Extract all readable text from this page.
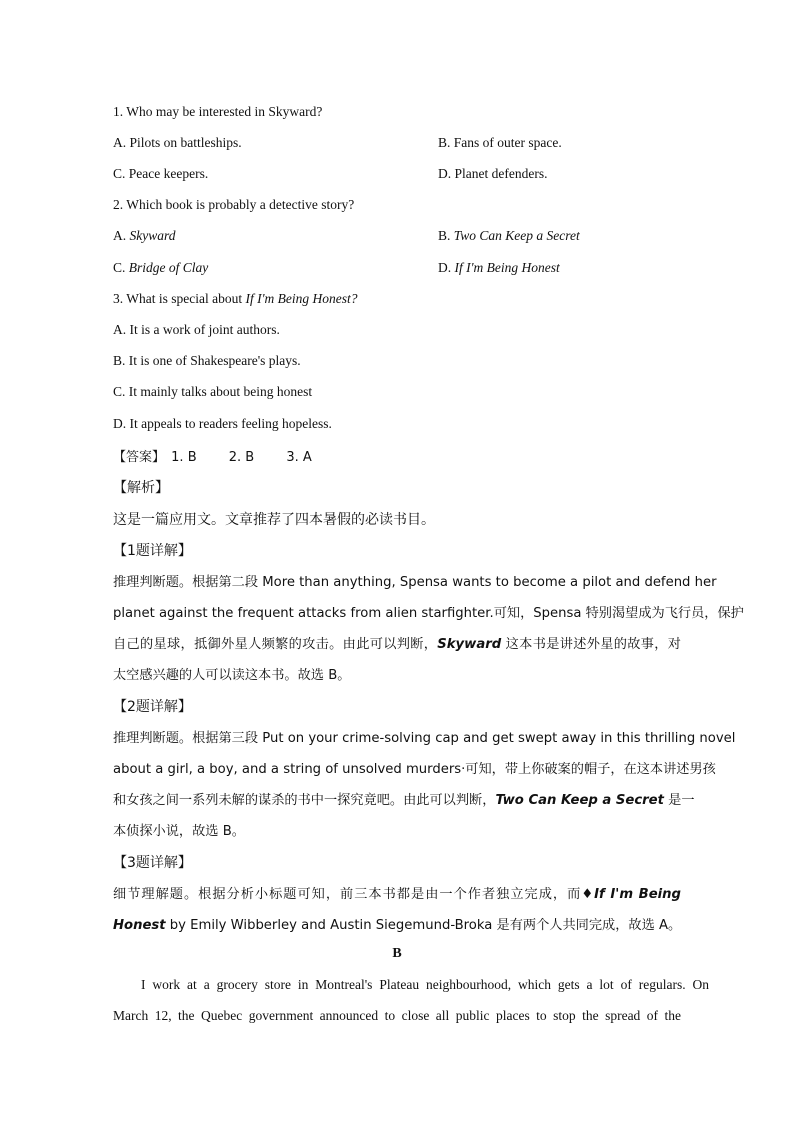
1. Who may be interested in Skyward?
A. Pilots on battleships.	B. Fans of outer space.
C. Peace keepers.	D. Planet defenders.
2. Which book is probably a detective story?
A. Skyward	B. Two Can Keep a Secret
C. Bridge of Clay	D. If I'm Being Honest
3. What is special about If I'm Being Honest?
A. It is a work of joint authors.
B. It is one of Shakespeare's plays.
C. It mainly talks about being honest
D. It appeals to readers feeling hopeless.
【答案】 1. B 2. B 3. A
【解析】
这是一篇应用文。文章推荐了四本暑假的必读书目。
【1题详解】
推理判断题。根据第二段 More than anything, Spensa wants to become a pilot and defend her
planet against the frequent attacks from alien starfighter.可知，Spensa 特别渴望成为飞行员，保护
自己的星球，抵御外星人频繁的攻击。由此可以判断，Skyward 这本书是讲述外星的故事，对
太空感兴趣的人可以读这本书。故选 B。
【2题详解】
推理判断题。根据第三段 Put on your crime-solving cap and get swept away in this thrilling novel
about a girl, a boy, and a string of unsolved murders·可知，带上你破案的帽子，在这本讲述男孩
和女孩之间一系列未解的谋杀的书中一探究竟吧。由此可以判断，Two Can Keep a Secret 是一
本侦探小说，故选 B。
【3题详解】
细节理解题。根据分析小标题可知，前三本书都是由一个作者独立完成，而♦If I'm Being
Honest by Emily Wibberley and Austin Siegemund-Broka 是有两个人共同完成，故选 A。
B
I work at a grocery store in Montreal's Plateau neighbourhood, which gets a lot of regulars. On
March 12, the Quebec government announced to close all public places to stop the spread of the
